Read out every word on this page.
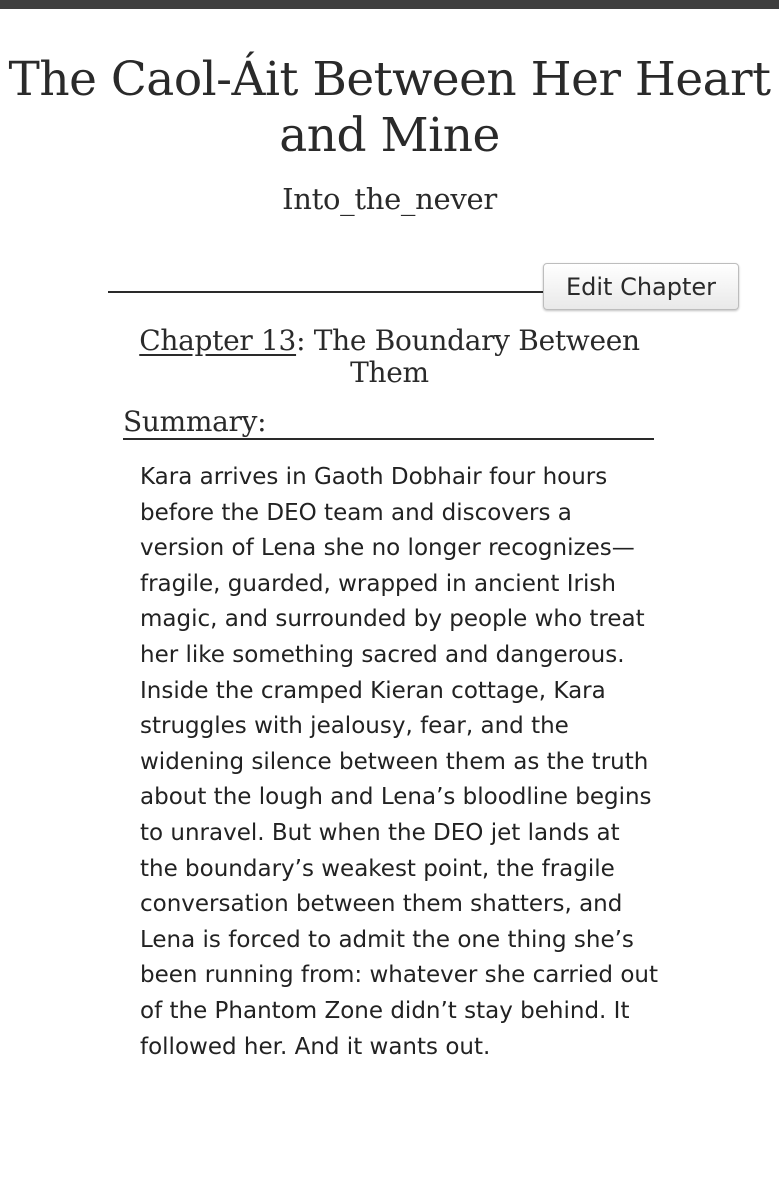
The Caol-Áit Between Her Heart and Mine
Into_the_never
Edit Chapter
Chapter 13: The Boundary Between Them
Summary:

Kara arrives in Gaoth Dobhair four hours before the DEO team and discovers a version of Lena she no longer recognizes—fragile, guarded, wrapped in ancient Irish magic, and surrounded by people who treat her like something sacred and dangerous. Inside the cramped Kieran cottage, Kara struggles with jealousy, fear, and the widening silence between them as the truth about the lough and Lena’s bloodline begins to unravel. But when the DEO jet lands at the boundary’s weakest point, the fragile conversation between them shatters, and Lena is forced to admit the one thing she’s been running from: whatever she carried out of the Phantom Zone didn’t stay behind. It followed her. And it wants out.
